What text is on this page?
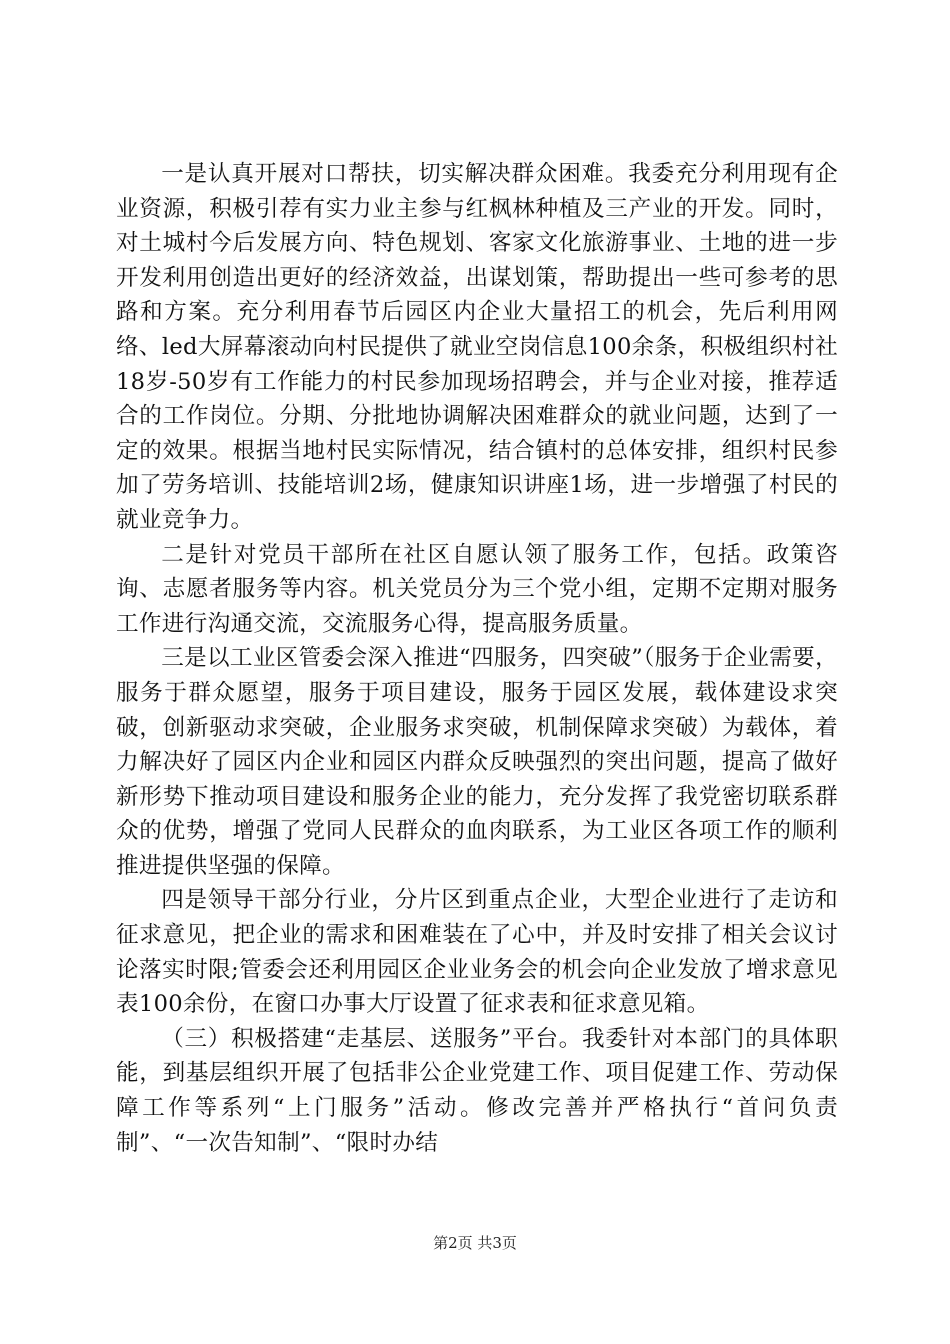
一是认真开展对口帮扶，切实解决群众困难。我委充分利用现有企业资源，积极引荐有实力业主参与红枫林种植及三产业的开发。同时，对土城村今后发展方向、特色规划、客家文化旅游事业、土地的进一步开发利用创造出更好的经济效益，出谋划策，帮助提出一些可参考的思路和方案。充分利用春节后园区内企业大量招工的机会，先后利用网络、led大屏幕滚动向村民提供了就业空岗信息100余条，积极组织村社18岁-50岁有工作能力的村民参加现场招聘会，并与企业对接，推荐适合的工作岗位。分期、分批地协调解决困难群众的就业问题，达到了一定的效果。根据当地村民实际情况，结合镇村的总体安排，组织村民参加了劳务培训、技能培训2场，健康知识讲座1场，进一步增强了村民的就业竞争力。

二是针对党员干部所在社区自愿认领了服务工作，包括。政策咨询、志愿者服务等内容。机关党员分为三个党小组，定期不定期对服务工作进行沟通交流，交流服务心得，提高服务质量。

三是以工业区管委会深入推进“四服务，四突破”（服务于企业需要，服务于群众愿望，服务于项目建设，服务于园区发展，载体建设求突破，创新驱动求突破，企业服务求突破，机制保障求突破）为载体，着力解决好了园区内企业和园区内群众反映强烈的突出问题，提高了做好新形势下推动项目建设和服务企业的能力，充分发挥了我党密切联系群众的优势，增强了党同人民群众的血肉联系，为工业区各项工作的顺利推进提供坚强的保障。

四是领导干部分行业，分片区到重点企业，大型企业进行了走访和征求意见，把企业的需求和困难装在了心中，并及时安排了相关会议讨论落实时限;管委会还利用园区企业业务会的机会向企业发放了增求意见表100余份，在窗口办事大厅设置了征求表和征求意见箱。

（三）积极搭建“走基层、送服务”平台。我委针对本部门的具体职能，到基层组织开展了包括非公企业党建工作、项目促建工作、劳动保障工作等系列“上门服务”活动。修改完善并严格执行“首问负责制”、“一次告知制”、“限时办结

第2页 共3页
